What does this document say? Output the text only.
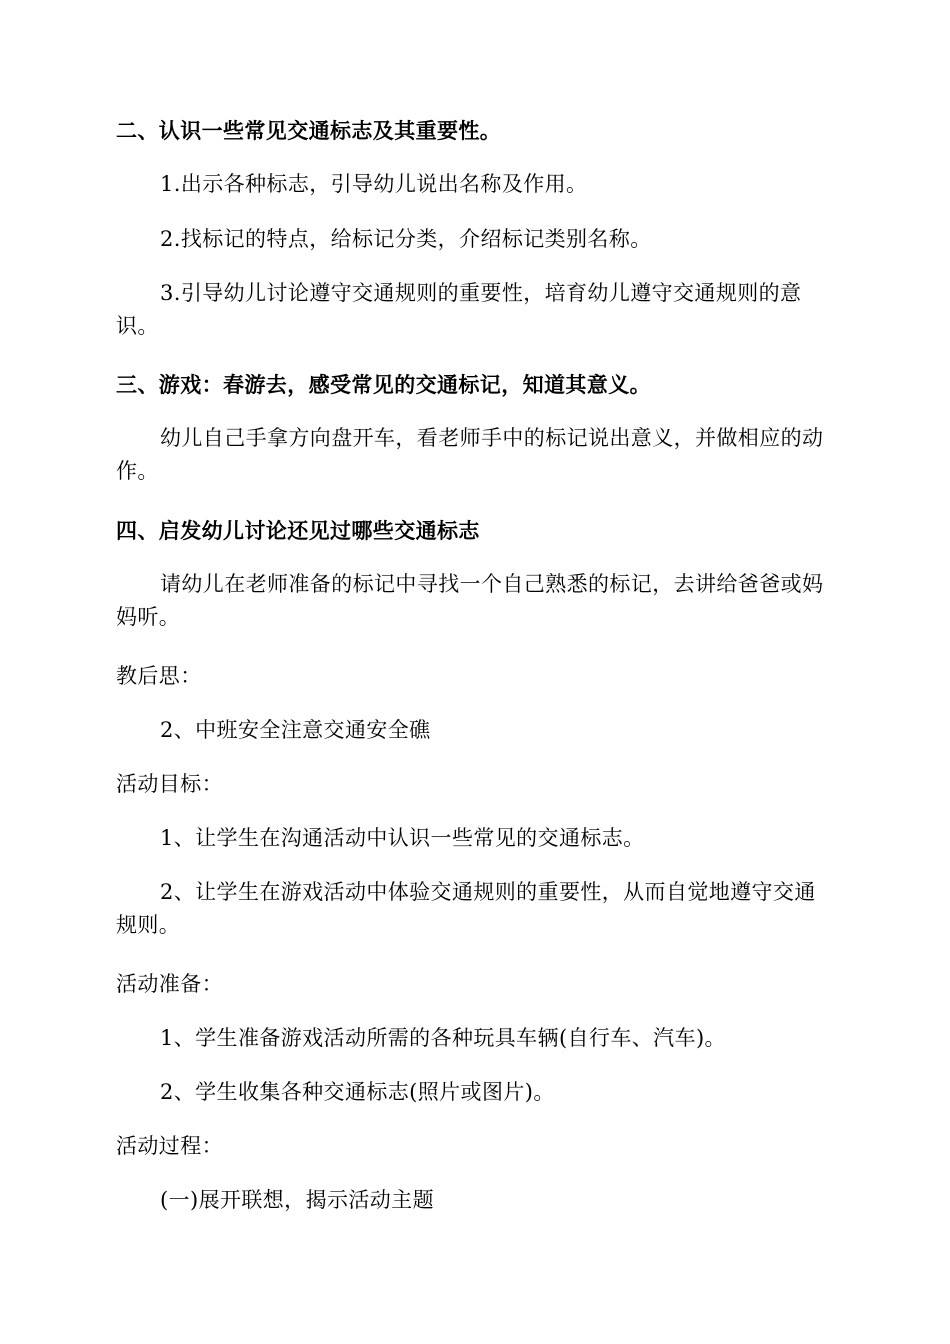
二、认识一些常见交通标志及其重要性。
1.出示各种标志，引导幼儿说出名称及作用。
2.找标记的特点，给标记分类，介绍标记类别名称。
3.引导幼儿讨论遵守交通规则的重要性，培育幼儿遵守交通规则的意识。
三、游戏：春游去，感受常见的交通标记，知道其意义。
幼儿自己手拿方向盘开车，看老师手中的标记说出意义，并做相应的动作。
四、启发幼儿讨论还见过哪些交通标志
请幼儿在老师准备的标记中寻找一个自己熟悉的标记，去讲给爸爸或妈妈听。
教后思：
2、中班安全注意交通安全礁
活动目标：
1、让学生在沟通活动中认识一些常见的交通标志。
2、让学生在游戏活动中体验交通规则的重要性，从而自觉地遵守交通规则。
活动准备：
1、学生准备游戏活动所需的各种玩具车辆(自行车、汽车)。
2、学生收集各种交通标志(照片或图片)。
活动过程：
(一)展开联想，揭示活动主题
